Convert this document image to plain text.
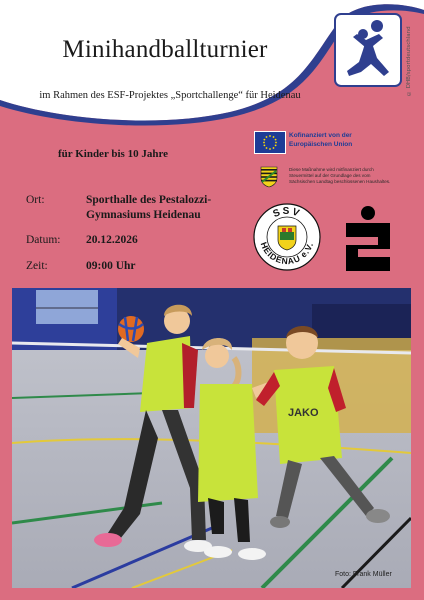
Minihandballturnier
im Rahmen des ESF-Projektes „Sportchallenge“ für Heidenau	© DHB/sportdeutschland
für Kinder bis 10 Jahre
Ort:	Sporthalle des Pestalozzi-
Gymnasiums Heidenau
Datum: 20.12.2026
Zeit:	09:00 Uhr
Kofinanziert von der
Europäischen Union
Diese Maßnahme wird mitfinanziert durch
Steuermittel auf der Grundlage des vom
Sächsischen Landtag beschlossenen Haushaltes.
SSV
HEIDENAU e.V.
JAKO
Foto: Frank Müller
